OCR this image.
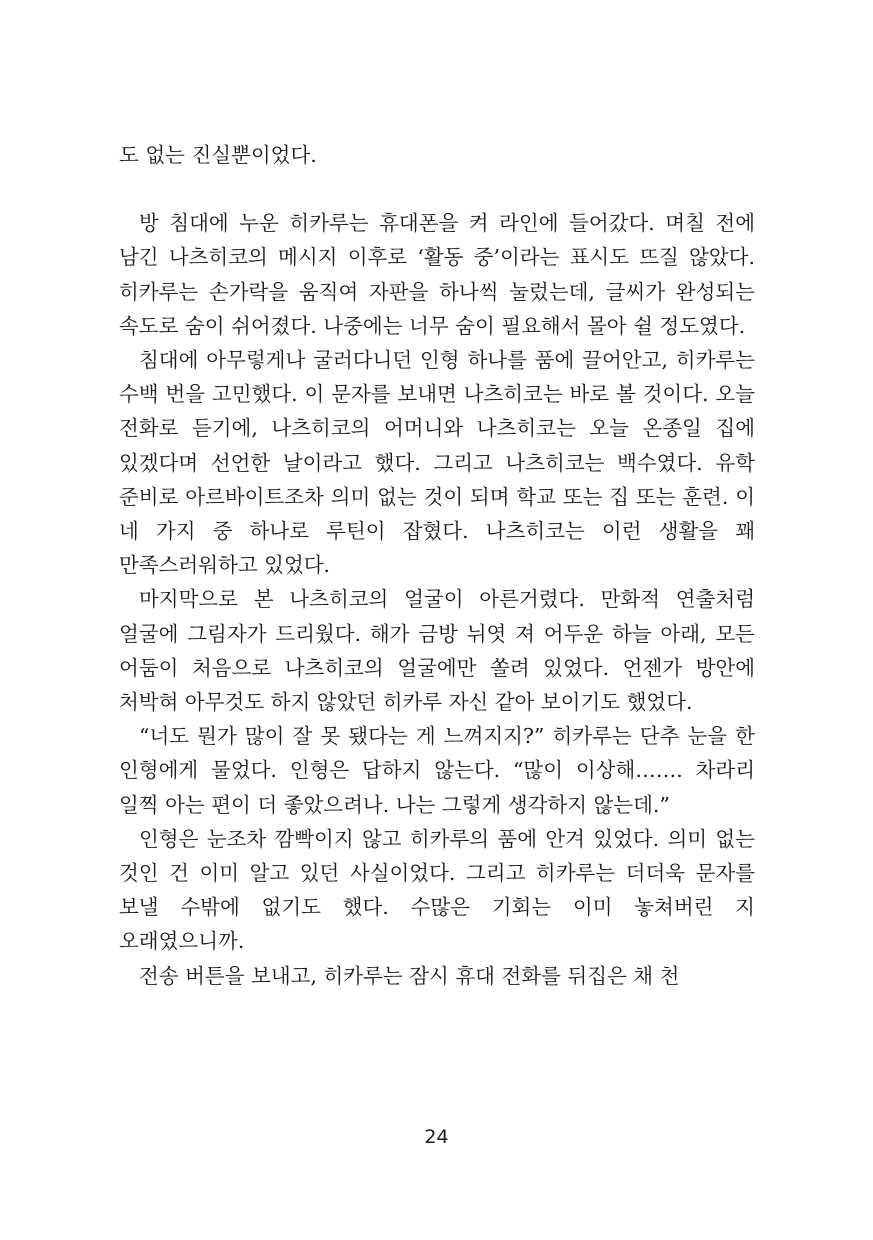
도 없는 진실뿐이었다.

방 침대에 누운 히카루는 휴대폰을 켜 라인에 들어갔다. 며칠 전에 남긴 나츠히코의 메시지 이후로 ‘활동 중’이라는 표시도 뜨질 않았다. 히카루는 손가락을 움직여 자판을 하나씩 눌렀는데, 글씨가 완성되는 속도로 숨이 쉬어졌다. 나중에는 너무 숨이 필요해서 몰아 쉴 정도였다.

침대에 아무렇게나 굴러다니던 인형 하나를 품에 끌어안고, 히카루는 수백 번을 고민했다. 이 문자를 보내면 나츠히코는 바로 볼 것이다. 오늘 전화로 듣기에, 나츠히코의 어머니와 나츠히코는 오늘 온종일 집에 있겠다며 선언한 날이라고 했다. 그리고 나츠히코는 백수였다. 유학 준비로 아르바이트조차 의미 없는 것이 되며 학교 또는 집 또는 훈련. 이 네 가지 중 하나로 루틴이 잡혔다. 나츠히코는 이런 생활을 꽤 만족스러워하고 있었다.

마지막으로 본 나츠히코의 얼굴이 아른거렸다. 만화적 연출처럼 얼굴에 그림자가 드리웠다. 해가 금방 뉘엿 져 어두운 하늘 아래, 모든 어둠이 처음으로 나츠히코의 얼굴에만 쏠려 있었다. 언젠가 방안에 처박혀 아무것도 하지 않았던 히카루 자신 같아 보이기도 했었다.

“너도 뭔가 많이 잘 못 됐다는 게 느껴지지?” 히카루는 단추 눈을 한 인형에게 물었다. 인형은 답하지 않는다. “많이 이상해……. 차라리 일찍 아는 편이 더 좋았으려나. 나는 그렇게 생각하지 않는데.”

인형은 눈조차 깜빡이지 않고 히카루의 품에 안겨 있었다. 의미 없는 것인 건 이미 알고 있던 사실이었다. 그리고 히카루는 더더욱 문자를 보낼 수밖에 없기도 했다. 수많은 기회는 이미 놓쳐버린 지 오래였으니까.

전송 버튼을 보내고, 히카루는 잠시 휴대 전화를 뒤집은 채 천

24
